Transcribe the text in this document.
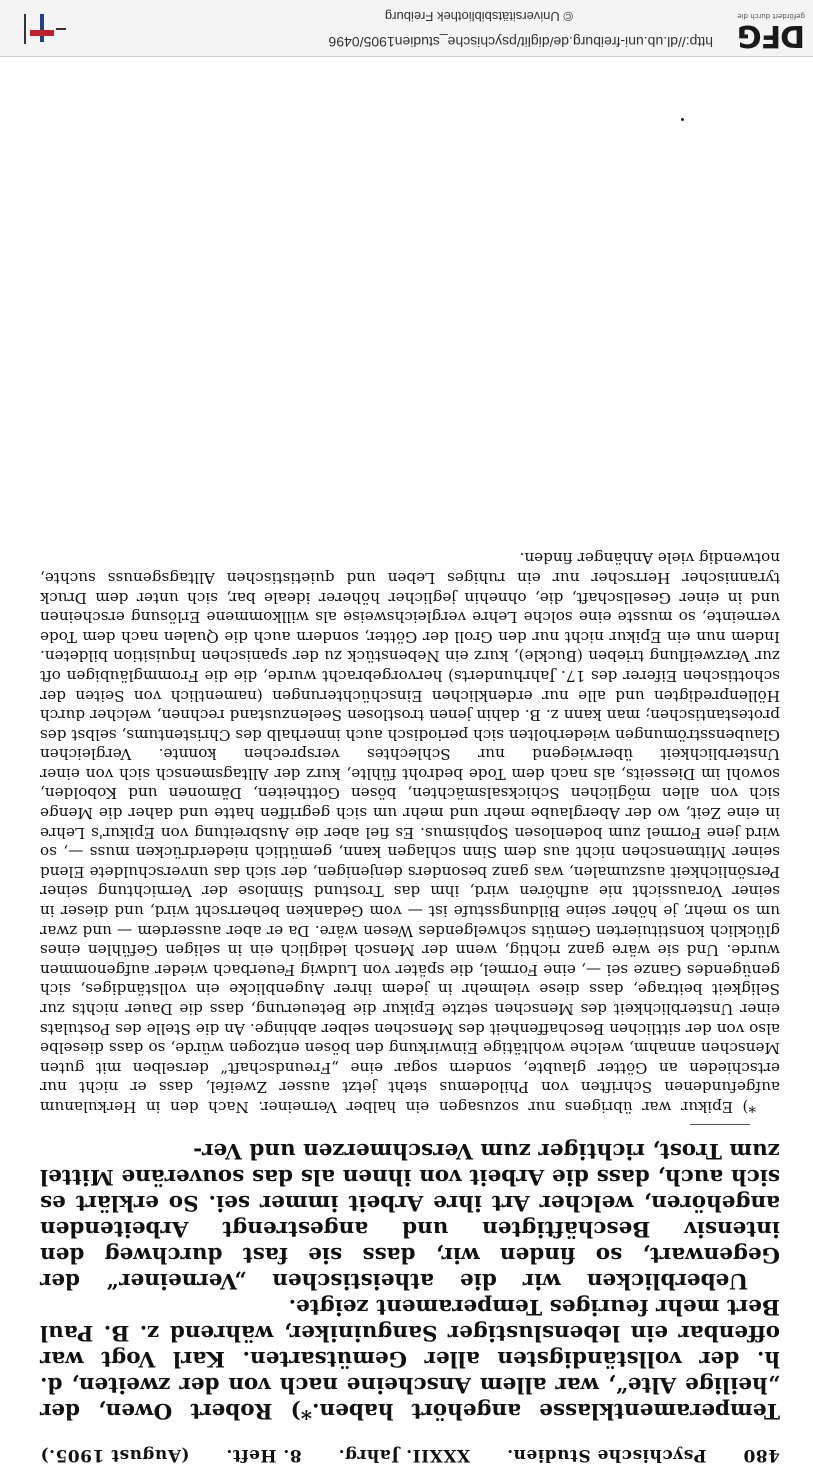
DFG
gefördert durch die
http://dl.ub.uni-freiburg.de/diglit/psychische_studien1905/0496
© Universitätsbibliothek Freiburg
480
Psychische Studien.
XXXII. Jahrg.
8. Heft.
(August 1905.)

Temperamentklasse angehört haben.*) Robert Owen, der „heilige Alte“, war allem Anscheine nach von der zweiten, d. h. der vollständigsten aller Gemütsarten. Karl Vogt war offenbar ein lebenslustiger Sanguiniker, während z. B. Paul Bert mehr feuriges Temperament zeigte.

Ueberblicken wir die atheistischen „Verneiner“ der Gegenwart, so finden wir, dass sie fast durchweg den intensiv Beschäftigten und angestrengt Arbeitenden angehören, welcher Art ihre Arbeit immer sei. So erklärt es sich auch, dass die Arbeit von ihnen als das souveräne Mittel zum Trost, richtiger zum Verschmerzen und Ver-

*) Epikur war übrigens nur sozusagen ein halber Verneiner. Nach den in Herkulanum aufgefundenen Schriften von Philodemus steht jetzt ausser Zweifel, dass er nicht nur ertschieden an Götter glaubte, sondern sogar eine „Freundschaft“ derselben mit guten Menschen annahm, welche wohltätige Einwirkung den bösen entzogen würde, so dass dieselbe also von der sittlichen Beschaffenheit des Menschen selber abhinge. An die Stelle des Postulats einer Unsterblichkeit des Menschen setzte Epikur die Beteuerung, dass die Dauer nichts zur Seligkeit beitrage, dass diese vielmehr in jedem ihrer Augenblicke ein vollständiges, sich genügendes Ganze sei —, eine Formel, die später von Ludwig Feuerbach wieder aufgenommen wurde. Und sie wäre ganz richtig, wenn der Mensch lediglich ein in seligen Gefühlen eines glücklich konstituierten Gemüts schwelgendes Wesen wäre. Da er aber ausserdem — und zwar um so mehr, je höher seine Bildungsstufe ist — vom Gedanken beherrscht wird, und dieser in seiner Voraussicht nie aufhören wird, ihm das Trostund Sinnlose der Vernichtung seiner Persönlichkeit auszumalen, was ganz besonders denjenigen, der sich das unverschuldete Elend seiner Mitmenschen nicht aus dem Sinn schlagen kann, gemütlich niederdrücken muss —, so wird jene Formel zum bodenlosen Sophismus. Es fiel aber die Ausbreitung von Epikur's Lehre in eine Zeit, wo der Aberglaube mehr und mehr um sich gegriffen hatte und daher die Menge sich von allen möglichen Schicksalsmächten, bösen Gottheiten, Dämonen und Kobolden, sowohl im Diesseits, als nach dem Tode bedroht fühlte, kurz der Alltagsmensch sich von einer Unsterblichkeit überwiegend nur Schlechtes versprechen konnte. Vergleichen Glaubensströmungen wiederholten sich periodisch auch innerhalb des Christentums, selbst des protestantischen; man kann z. B. dahin jenen trostlosen Seelenzustand rechnen, welcher durch Höllenpredigten und alle nur erdenklichen Einschüchterungen (namentlich von Seiten der schottischen Eiferer des 17. Jahrhunderts) hervorgebracht wurde, die die Frommgläubigen oft zur Verzweiflung trieben (Buckle), kurz ein Nebenstück zu der spanischen Inquisition bildeten. Indem nun ein Epikur nicht nur den Groll der Götter, sondern auch die Qualen nach dem Tode verneinte, so musste eine solche Lehre vergleichsweise als willkommene Erlösung erscheinen und in einer Gesellschaft, die, ohnehin jeglicher höherer ideale bar, sich unter dem Druck tyrannischer Herrscher nur ein ruhiges Leben und quietistischen Alltagsgenuss suchte, notwendig viele Anhänger finden.
